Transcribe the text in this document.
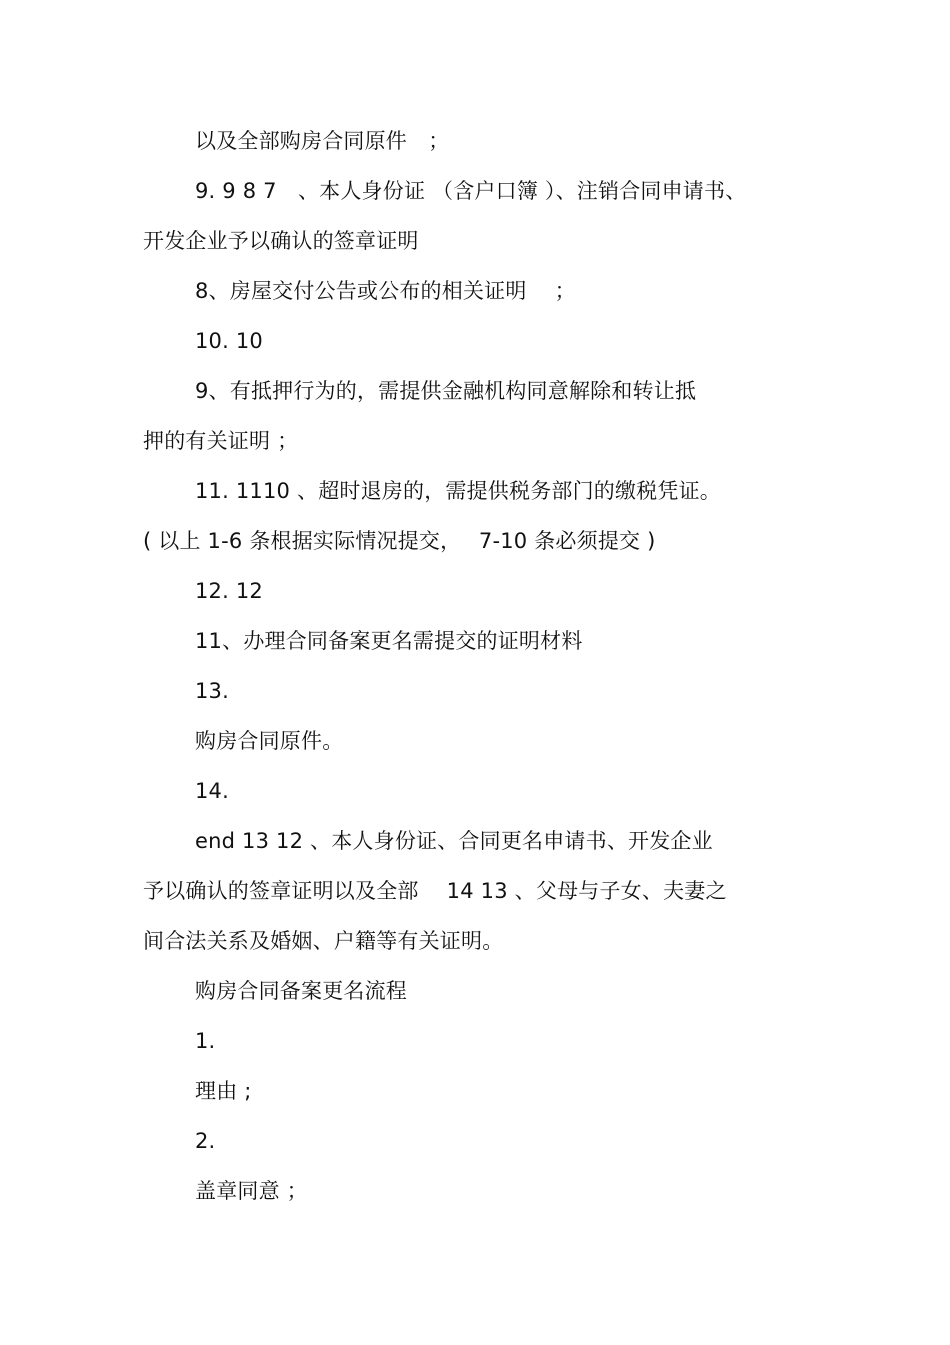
以及全部购房合同原件　；
9. 9 8 7　、本人身份证 （含户口簿 ）、注销合同申请书、
开发企业予以确认的签章证明
8、房屋交付公告或公布的相关证明　 ；
10. 10
9、有抵押行为的，需提供金融机构同意解除和转让抵
押的有关证明 ；
11. 1110 、超时退房的，需提供税务部门的缴税凭证。
( 以上 1-6 条根据实际情况提交，　 7-10 条必须提交 )
12. 12
11、办理合同备案更名需提交的证明材料
13.
购房合同原件。
14.
end 13 12 、本人身份证、合同更名申请书、开发企业
予以确认的签章证明以及全部　 14 13 、父母与子女、夫妻之
间合法关系及婚姻、户籍等有关证明。
购房合同备案更名流程
1.
理由 ;
2.
盖章同意 ；
